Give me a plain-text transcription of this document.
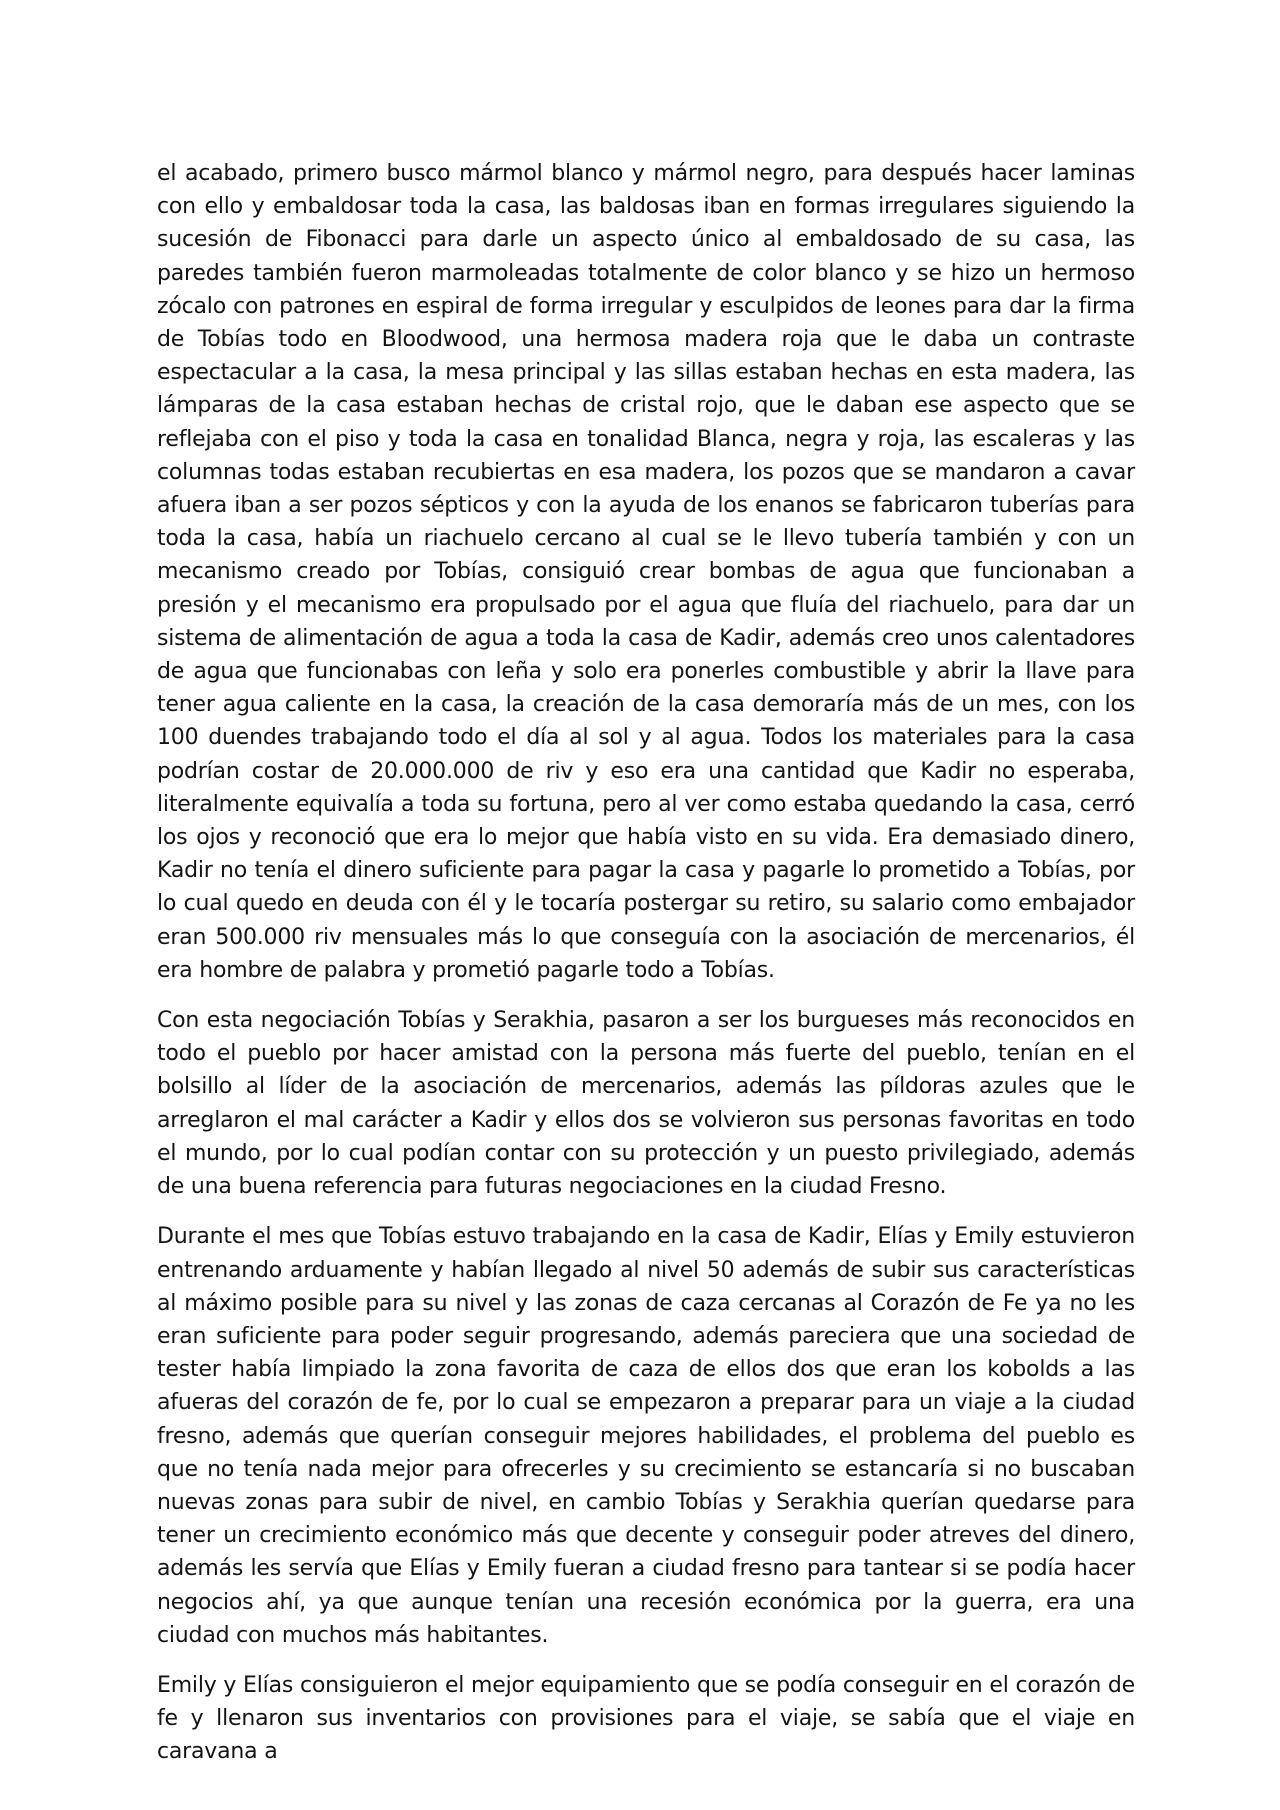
el acabado, primero busco mármol blanco y mármol negro, para después hacer laminas con ello y embaldosar toda la casa, las baldosas iban en formas irregulares siguiendo la sucesión de Fibonacci para darle un aspecto único al embaldosado de su casa, las paredes también fueron marmoleadas totalmente de color blanco y se hizo un hermoso zócalo con patrones en espiral de forma irregular y esculpidos de leones para dar la firma de Tobías todo en Bloodwood, una hermosa madera roja que le daba un contraste espectacular a la casa, la mesa principal y las sillas estaban hechas en esta madera, las lámparas de la casa estaban hechas de cristal rojo, que le daban ese aspecto que se reflejaba con el piso y toda la casa en tonalidad Blanca, negra y roja, las escaleras y las columnas todas estaban recubiertas en esa madera, los pozos que se mandaron a cavar afuera iban a ser pozos sépticos y con la ayuda de los enanos se fabricaron tuberías para toda la casa, había un riachuelo cercano al cual se le llevo tubería también y con un mecanismo creado por Tobías, consiguió crear bombas de agua que funcionaban a presión y el mecanismo era propulsado por el agua que fluía del riachuelo, para dar un sistema de alimentación de agua a toda la casa de Kadir, además creo unos calentadores de agua que funcionabas con leña y solo era ponerles combustible y abrir la llave para tener agua caliente en la casa, la creación de la casa demoraría más de un mes, con los 100 duendes trabajando todo el día al sol y al agua. Todos los materiales para la casa podrían costar de 20.000.000 de riv y eso era una cantidad que Kadir no esperaba, literalmente equivalía a toda su fortuna, pero al ver como estaba quedando la casa, cerró los ojos y reconoció que era lo mejor que había visto en su vida. Era demasiado dinero, Kadir no tenía el dinero suficiente para pagar la casa y pagarle lo prometido a Tobías, por lo cual quedo en deuda con él y le tocaría postergar su retiro, su salario como embajador eran 500.000 riv mensuales más lo que conseguía con la asociación de mercenarios, él era hombre de palabra y prometió pagarle todo a Tobías.

Con esta negociación Tobías y Serakhia, pasaron a ser los burgueses más reconocidos en todo el pueblo por hacer amistad con la persona más fuerte del pueblo, tenían en el bolsillo al líder de la asociación de mercenarios, además las píldoras azules que le arreglaron el mal carácter a Kadir y ellos dos se volvieron sus personas favoritas en todo el mundo, por lo cual podían contar con su protección y un puesto privilegiado, además de una buena referencia para futuras negociaciones en la ciudad Fresno.

Durante el mes que Tobías estuvo trabajando en la casa de Kadir, Elías y Emily estuvieron entrenando arduamente y habían llegado al nivel 50 además de subir sus características al máximo posible para su nivel y las zonas de caza cercanas al Corazón de Fe ya no les eran suficiente para poder seguir progresando, además pareciera que una sociedad de tester había limpiado la zona favorita de caza de ellos dos que eran los kobolds a las afueras del corazón de fe, por lo cual se empezaron a preparar para un viaje a la ciudad fresno, además que querían conseguir mejores habilidades, el problema del pueblo es que no tenía nada mejor para ofrecerles y su crecimiento se estancaría si no buscaban nuevas zonas para subir de nivel, en cambio Tobías y Serakhia querían quedarse para tener un crecimiento económico más que decente y conseguir poder atreves del dinero, además les servía que Elías y Emily fueran a ciudad fresno para tantear si se podía hacer negocios ahí, ya que aunque tenían una recesión económica por la guerra, era una ciudad con muchos más habitantes.

Emily y Elías consiguieron el mejor equipamiento que se podía conseguir en el corazón de fe y llenaron sus inventarios con provisiones para el viaje, se sabía que el viaje en caravana a
